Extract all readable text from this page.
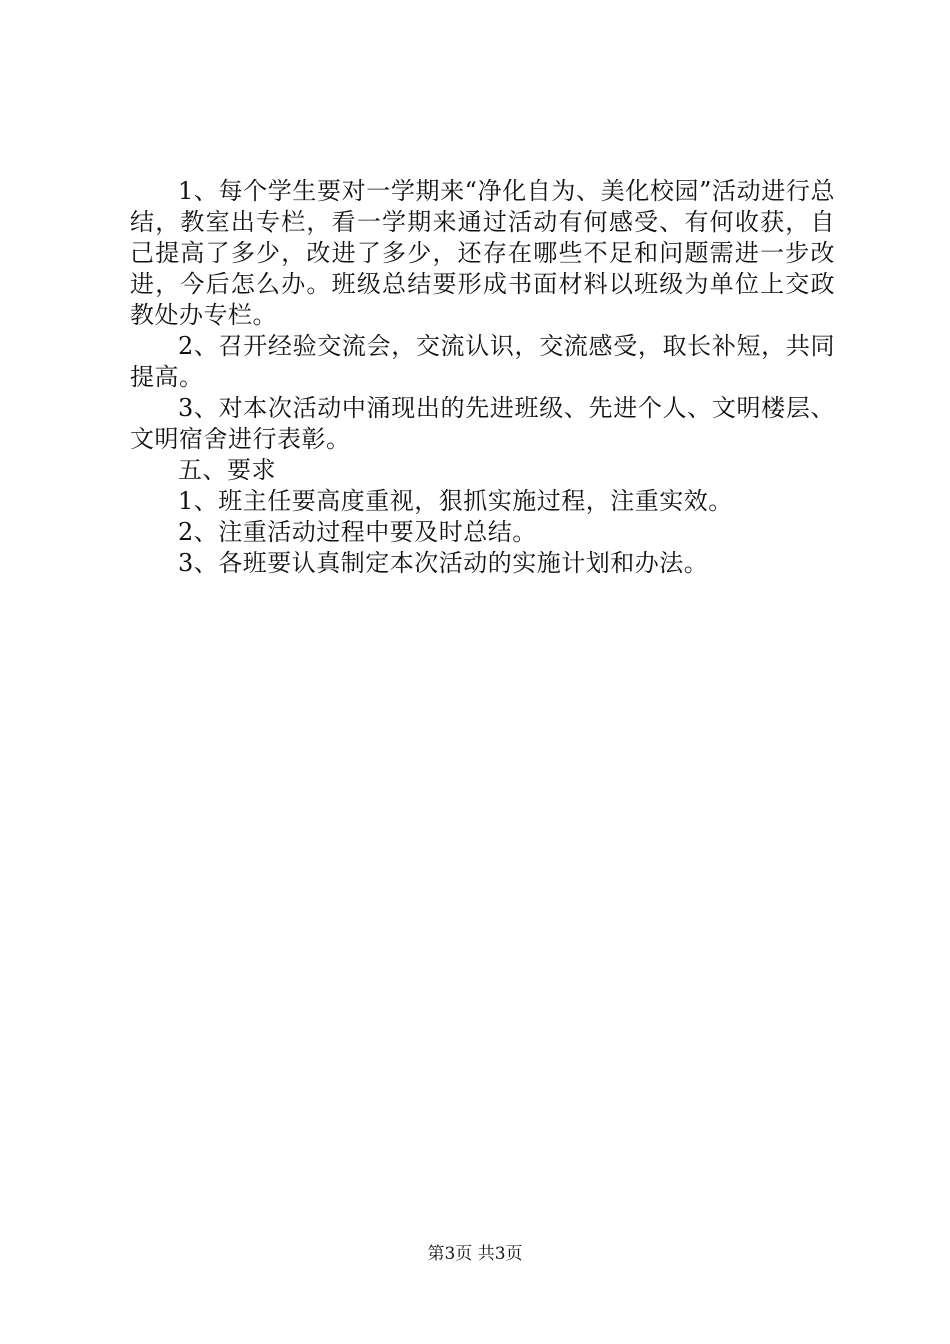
1、每个学生要对一学期来“净化自为、美化校园”活动进行总结，教室出专栏，看一学期来通过活动有何感受、有何收获，自己提高了多少，改进了多少，还存在哪些不足和问题需进一步改进，今后怎么办。班级总结要形成书面材料以班级为单位上交政教处办专栏。

2、召开经验交流会，交流认识，交流感受，取长补短，共同提高。

3、对本次活动中涌现出的先进班级、先进个人、文明楼层、文明宿舍进行表彰。

五、要求

1、班主任要高度重视，狠抓实施过程，注重实效。

2、注重活动过程中要及时总结。

3、各班要认真制定本次活动的实施计划和办法。

第3页 共3页
